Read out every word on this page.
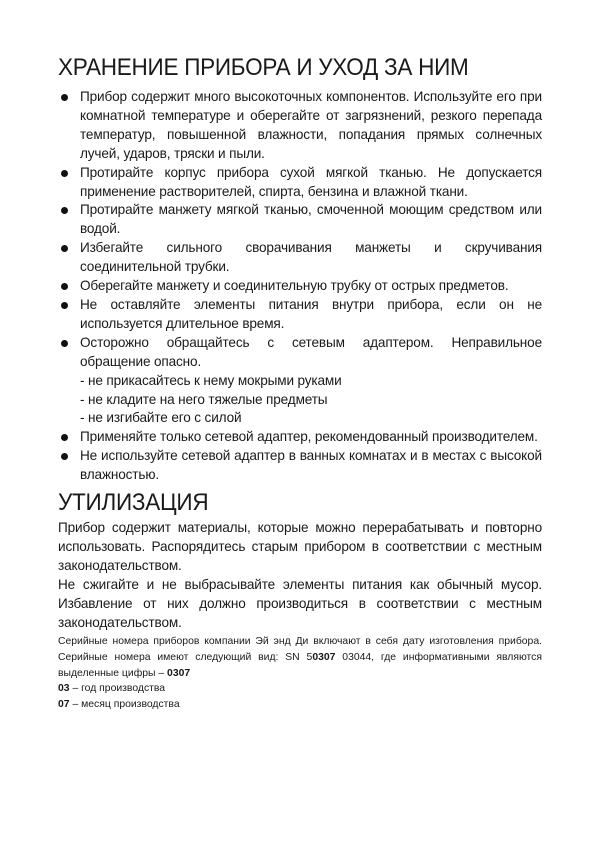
ХРАНЕНИЕ ПРИБОРА И УХОД ЗА НИМ
Прибор содержит много высокоточных компонентов. Используйте его при комнатной температуре и оберегайте от загрязнений, резкого перепада температур, повышенной влажности, попадания прямых солнечных лучей, ударов, тряски и пыли.
Протирайте корпус прибора сухой мягкой тканью. Не допускается применение растворителей, спирта, бензина и влажной ткани.
Протирайте манжету мягкой тканью, смоченной моющим средством или водой.
Избегайте сильного сворачивания манжеты и скручивания соединительной трубки.
Оберегайте манжету и соединительную трубку от острых предметов.
Не оставляйте элементы питания внутри прибора, если он не используется длительное время.
Осторожно обращайтесь с сетевым адаптером. Неправильное обращение опасно.
- не прикасайтесь к нему мокрыми руками
- не кладите на него тяжелые предметы
- не изгибайте его с силой
Применяйте только сетевой адаптер, рекомендованный производителем.
Не используйте сетевой адаптер в ванных комнатах и в местах с высокой влажностью.
УТИЛИЗАЦИЯ

Прибор содержит материалы, которые можно перерабатывать и повторно использовать. Распорядитесь старым прибором в соответствии с местным законодательством.

Не сжигайте и не выбрасывайте элементы питания как обычный мусор. Избавление от них должно производиться в соответствии с местным законодательством.

Серийные номера приборов компании Эй энд Ди включают в себя дату изготовления прибора. Серийные номера имеют следующий вид: SN 50307 03044, где информативными являются выделенные цифры – 0307

03 – год производства

07 – месяц производства
